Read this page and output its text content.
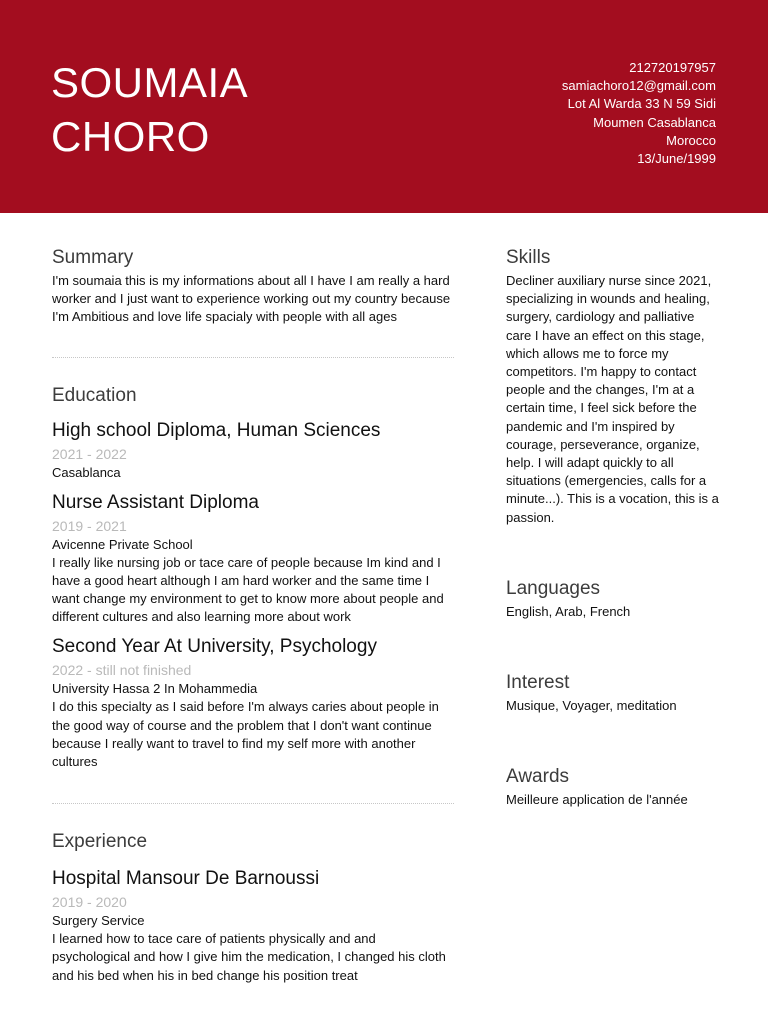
SOUMAIA
CHORO
212720197957
samiachoro12@gmail.com
Lot Al Warda 33 N 59 Sidi
Moumen Casablanca
Morocco
13/June/1999
Summary
I'm soumaia this is my informations about all I have I am really a hard worker and I just want to experience working out my country because I'm Ambitious and love life spacialy with people with all ages
Education
High school Diploma, Human Sciences
2021 - 2022
Casablanca
Nurse Assistant Diploma
2019 - 2021
Avicenne Private School
I really like nursing job or tace care of people because Im kind and I have a good heart although I am hard worker and the same time I want change my environment to get to know more about people and different cultures and also learning more about work
Second Year At University, Psychology
2022 - still not finished
University Hassa 2 In Mohammedia
I do this specialty as I said before I'm always caries about people in the good way of course and the problem that I don't want continue because I really want to travel to find my self more with another cultures
Experience
Hospital Mansour De Barnoussi
2019 - 2020
Surgery Service
I learned how to tace care of patients physically and and psychological and how I give him the medication, I changed his cloth and his bed when his in bed change his position treat
Skills
Decliner auxiliary nurse since 2021, specializing in wounds and healing, surgery, cardiology and palliative care I have an effect on this stage, which allows me to force my competitors. I'm happy to contact people and the changes, I'm at a certain time, I feel sick before the pandemic and I'm inspired by courage, perseverance, organize, help. I will adapt quickly to all situations (emergencies, calls for a minute...). This is a vocation, this is a passion.
Languages
English, Arab, French
Interest
Musique, Voyager, meditation
Awards
Meilleure application de l'année
